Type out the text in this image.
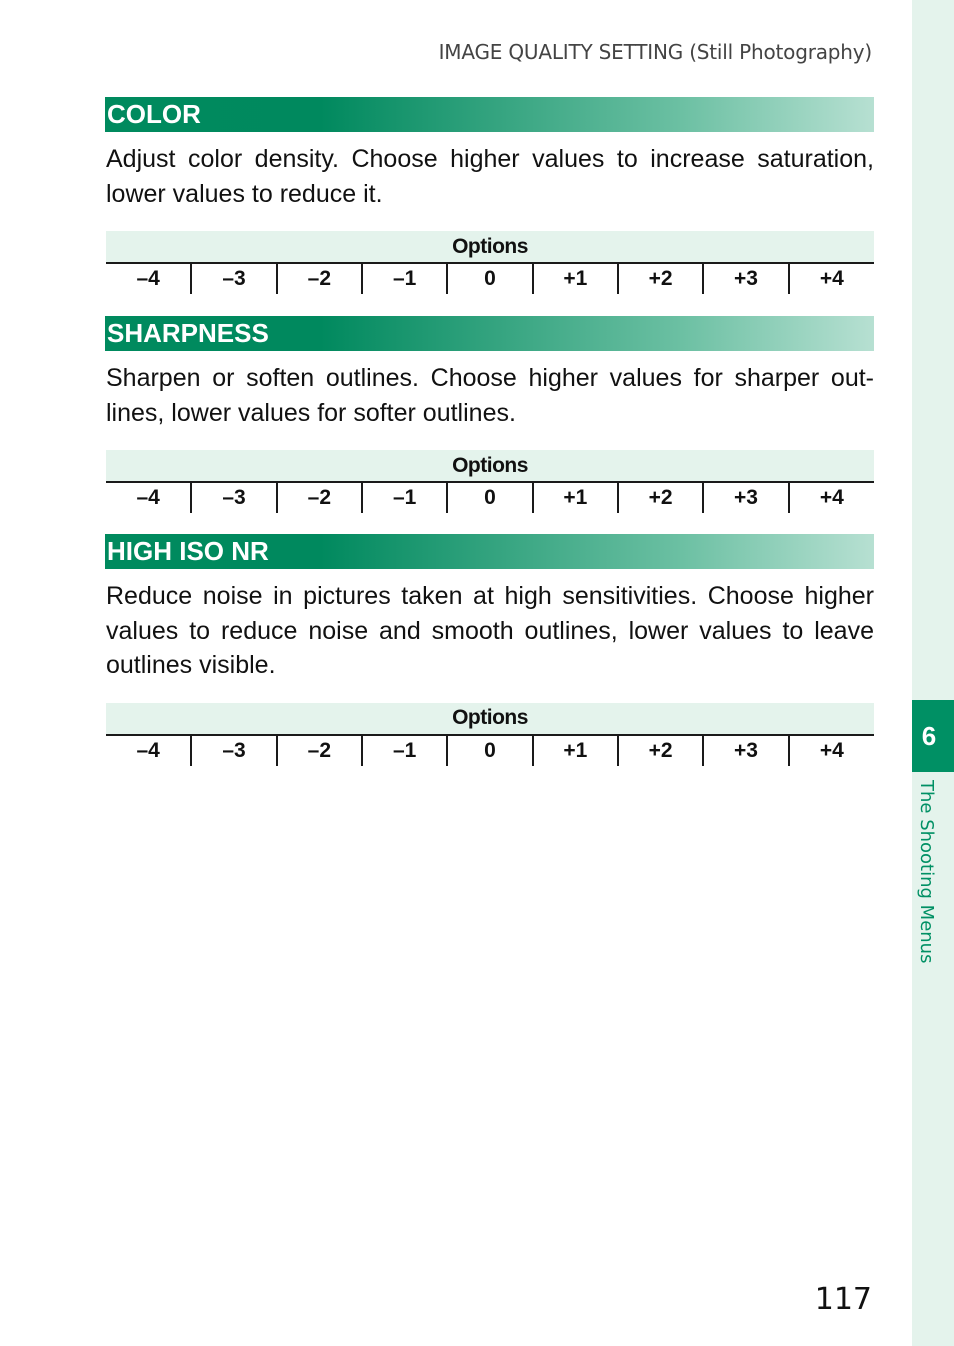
IMAGE QUALITY SETTING (Still Photography)
COLOR
Adjust color density. Choose higher values to increase saturation, lower values to reduce it.
Options
–4	–3	–2	–1	0	+1	+2	+3	+4
SHARPNESS
Sharpen or soften outlines. Choose higher values for sharper outlines, lower values for softer outlines.
Options
–4	–3	–2	–1	0	+1	+2	+3	+4
HIGH ISO NR
Reduce noise in pictures taken at high sensitivities. Choose higher values to reduce noise and smooth outlines, lower values to leave outlines visible.
Options
–4	–3	–2	–1	0	+1	+2	+3	+4	6
The Shooting Menus
117
